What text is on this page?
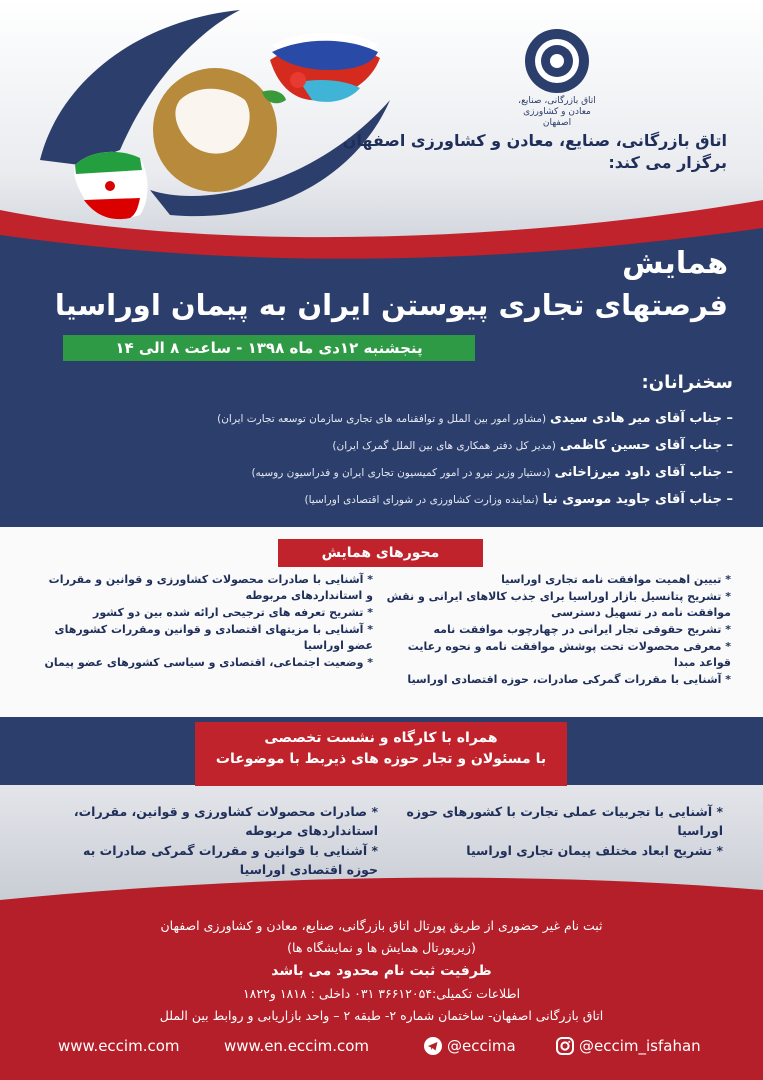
اتاق بازرگانی، صنایع، معادن و کشاورزی اصفهان
اتاق بازرگانی، صنایع، معادن و کشاورزی اصفهان
برگزار می کند:
همایش
فرصتهای تجاری پیوستن ایران به پیمان اوراسیا
پنجشنبه ۱۲دی ماه ۱۳۹۸ - ساعت ۸ الی ۱۴
سخنرانان:
– جناب آقای میر هادی سیدی (مشاور امور بین الملل و توافقنامه های تجاری سازمان توسعه تجارت ایران)
– جناب آقای حسین کاظمی (مدیر کل دفتر همکاری های بین الملل گمرک ایران)
– جناب آقای داود میرزاخانی (دستیار وزیر نیرو در امور کمیسیون تجاری ایران و فدراسیون روسیه)
– جناب آقای جاوید موسوی نیا (نماینده وزارت کشاورزی در شورای اقتصادی اوراسیا)
محورهای همایش
* تبیین اهمیت موافقت نامه تجاری اوراسیا
* تشریح پتانسیل بازار اوراسیا برای جذب کالاهای ایرانی و نقش موافقت نامه در تسهیل دسترسی
* تشریح حقوقی تجار ایرانی در چهارچوب موافقت نامه
* معرفی محصولات تحت پوشش موافقت نامه و نحوه رعایت قواعد مبدا
* آشنایی با مقررات گمرکی صادرات، حوزه اقتصادی اوراسیا
* آشنایی با صادرات محصولات کشاورزی و قوانین و مقررات و استانداردهای مربوطه
* تشریح تعرفه های ترجیحی ارائه شده بین دو کشور
* آشنایی با مزیتهای اقتصادی و قوانین ومقررات کشورهای عضو اوراسیا
* وضعیت اجتماعی، اقتصادی و سیاسی کشورهای عضو پیمان
همراه با کارگاه و نشست تخصصی
با مسئولان و تجار حوزه های ذیربط با موضوعات
* آشنایی با تجربیات عملی تجارت با کشورهای حوزه اوراسیا
* تشریح ابعاد مختلف پیمان تجاری اوراسیا
* صادرات محصولات کشاورزی و قوانین، مقررات، استانداردهای مربوطه
* آشنایی با قوانین و مقررات گمرکی صادرات به حوزه اقتصادی اوراسیا
ثبت نام غیر حضوری از طریق پورتال اتاق بازرگانی، صنایع، معادن و کشاورزی اصفهان
(زیرپورتال همایش ها و نمایشگاه ها)
ظرفیت ثبت نام محدود می باشد
اطلاعات تکمیلی:۳۶۶۱۲۰۵۴ ۰۳۱ داخلی : ۱۸۱۸ و۱۸۲۲
اتاق بازرگانی اصفهان- ساختمان شماره ۲- طبقه ۲ – واحد بازاریابی و روابط بین الملل
www.eccim.com	www.en.eccim.com	@eccima	@eccim_isfahan
